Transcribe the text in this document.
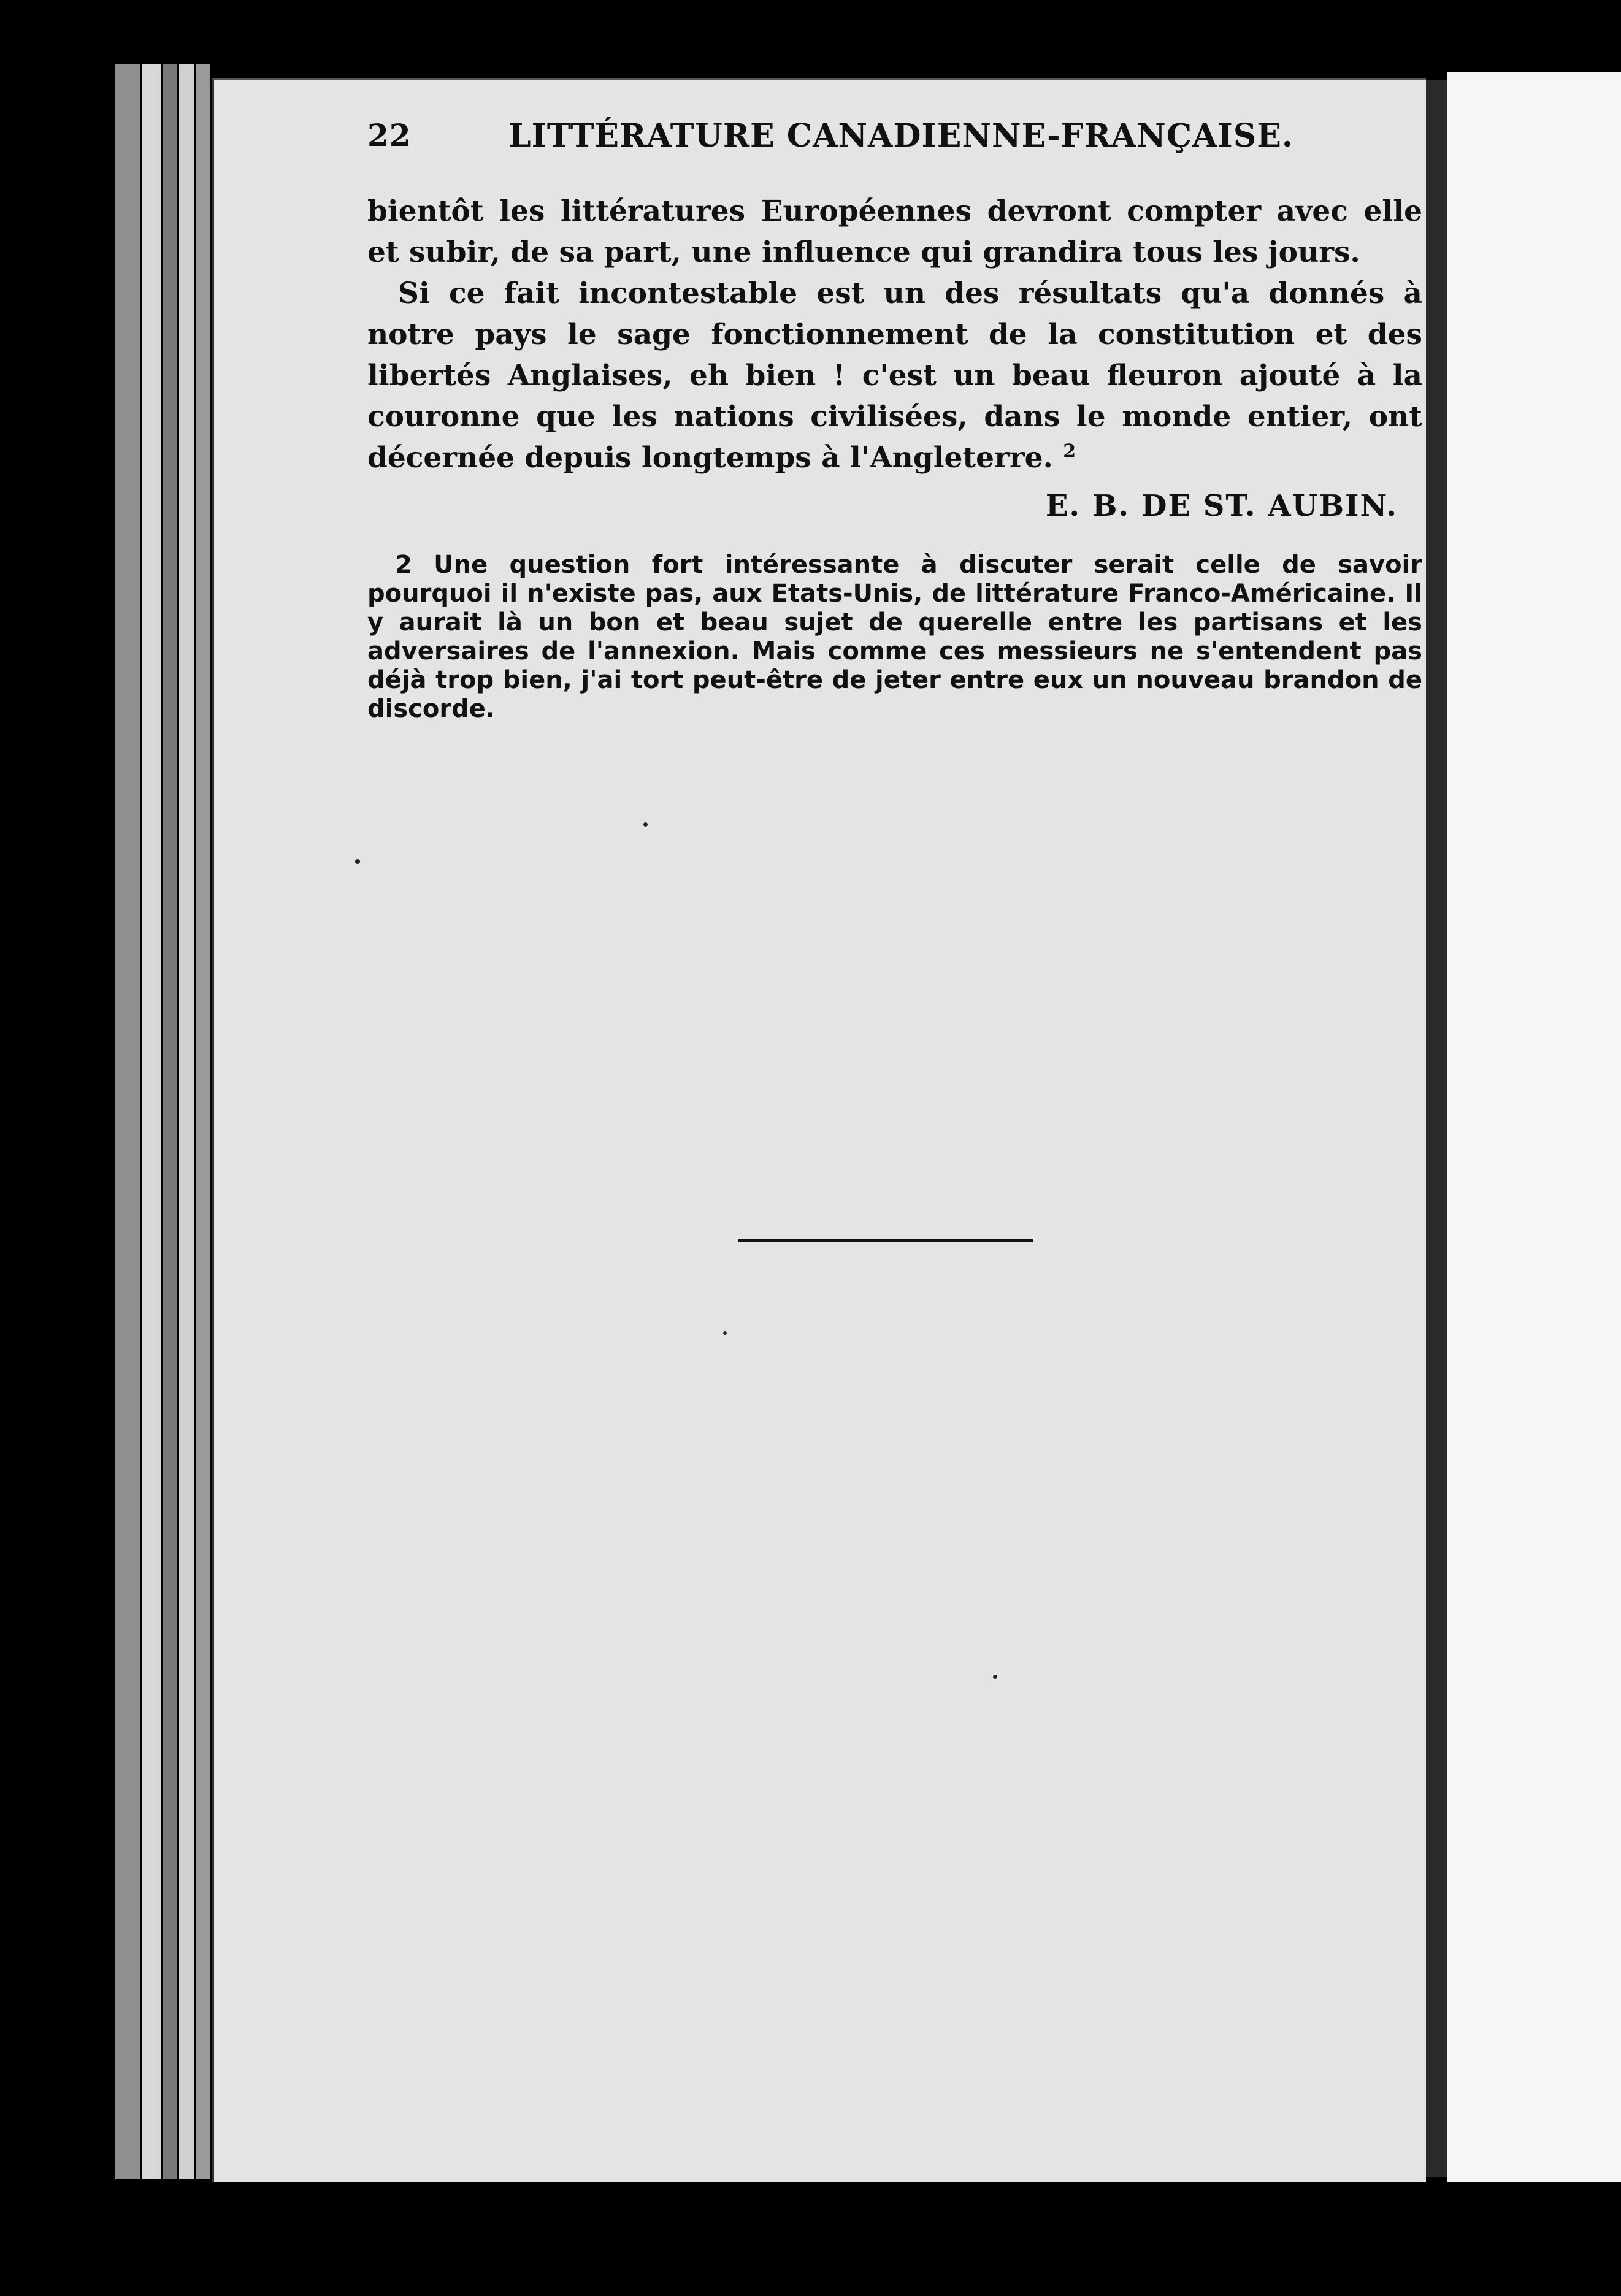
22	LITTÉRATURE CANADIENNE-FRANÇAISE.

bientôt les littératures Européennes devront compter avec elle et subir, de sa part, une influence qui grandira tous les jours.

Si ce fait incontestable est un des résultats qu'a donnés à notre pays le sage fonctionnement de la constitution et des libertés Anglaises, eh bien ! c'est un beau fleuron ajouté à la couronne que les nations civilisées, dans le monde entier, ont décernée depuis longtemps à l'Angleterre. $^2$

E. B. DE ST. AUBIN.
2 Une question fort intéressante à discuter serait celle de savoir pourquoi il n'existe pas, aux Etats-Unis, de littérature Franco-Américaine. Il y aurait là un bon et beau sujet de querelle entre les partisans et les adversaires de l'annexion. Mais comme ces messieurs ne s'entendent pas déjà trop bien, j'ai tort peut-être de jeter entre eux un nouveau brandon de discorde.
